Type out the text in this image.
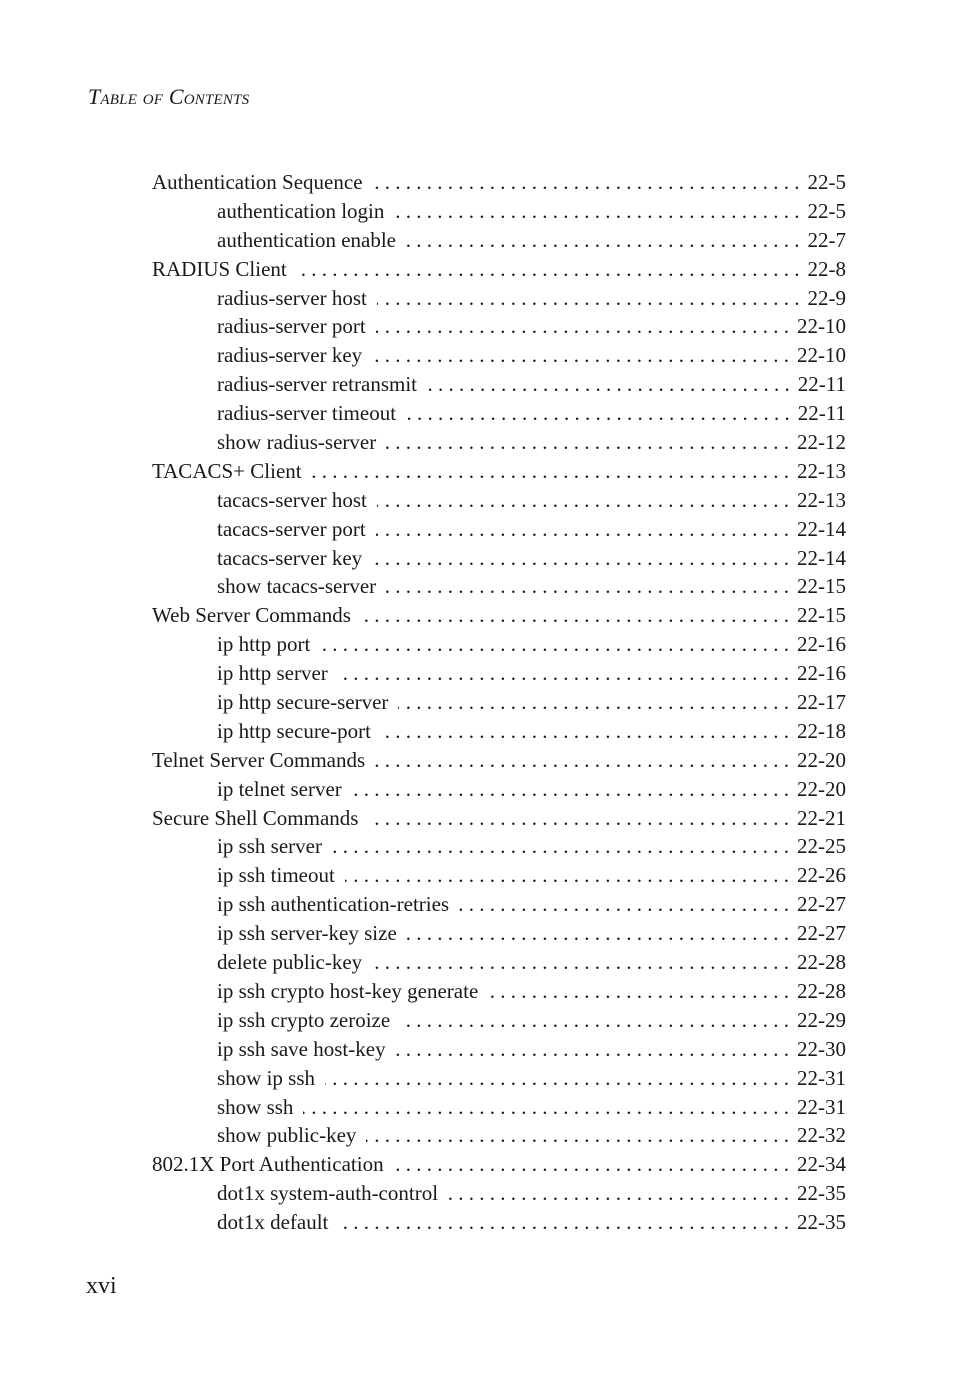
Table of Contents
Authentication Sequence . . .	22-5
authentication login . . .	22-5
authentication enable . . .	22-7
RADIUS Client . . .	22-8
radius-server host . . .	22-9
radius-server port . . .	22-10
radius-server key . . .	22-10
radius-server retransmit . . .	22-11
radius-server timeout . . .	22-11
show radius-server . . .	22-12
TACACS+ Client . . .	22-13
tacacs-server host . . .	22-13
tacacs-server port . . .	22-14
tacacs-server key . . .	22-14
show tacacs-server . . .	22-15
Web Server Commands . . .	22-15
ip http port . . .	22-16
ip http server . . .	22-16
ip http secure-server . . .	22-17
ip http secure-port . . .	22-18
Telnet Server Commands . . .	22-20
ip telnet server . . .	22-20
Secure Shell Commands . . .	22-21
ip ssh server . . .	22-25
ip ssh timeout . . .	22-26
ip ssh authentication-retries . . .	22-27
ip ssh server-key size . . .	22-27
delete public-key . . .	22-28
ip ssh crypto host-key generate . . .	22-28
ip ssh crypto zeroize . . .	22-29
ip ssh save host-key . . .	22-30
show ip ssh . . .	22-31
show ssh . . .	22-31
show public-key . . .	22-32
802.1X Port Authentication . . .	22-34
dot1x system-auth-control . . .	22-35
dot1x default . . .	22-35
xvi
